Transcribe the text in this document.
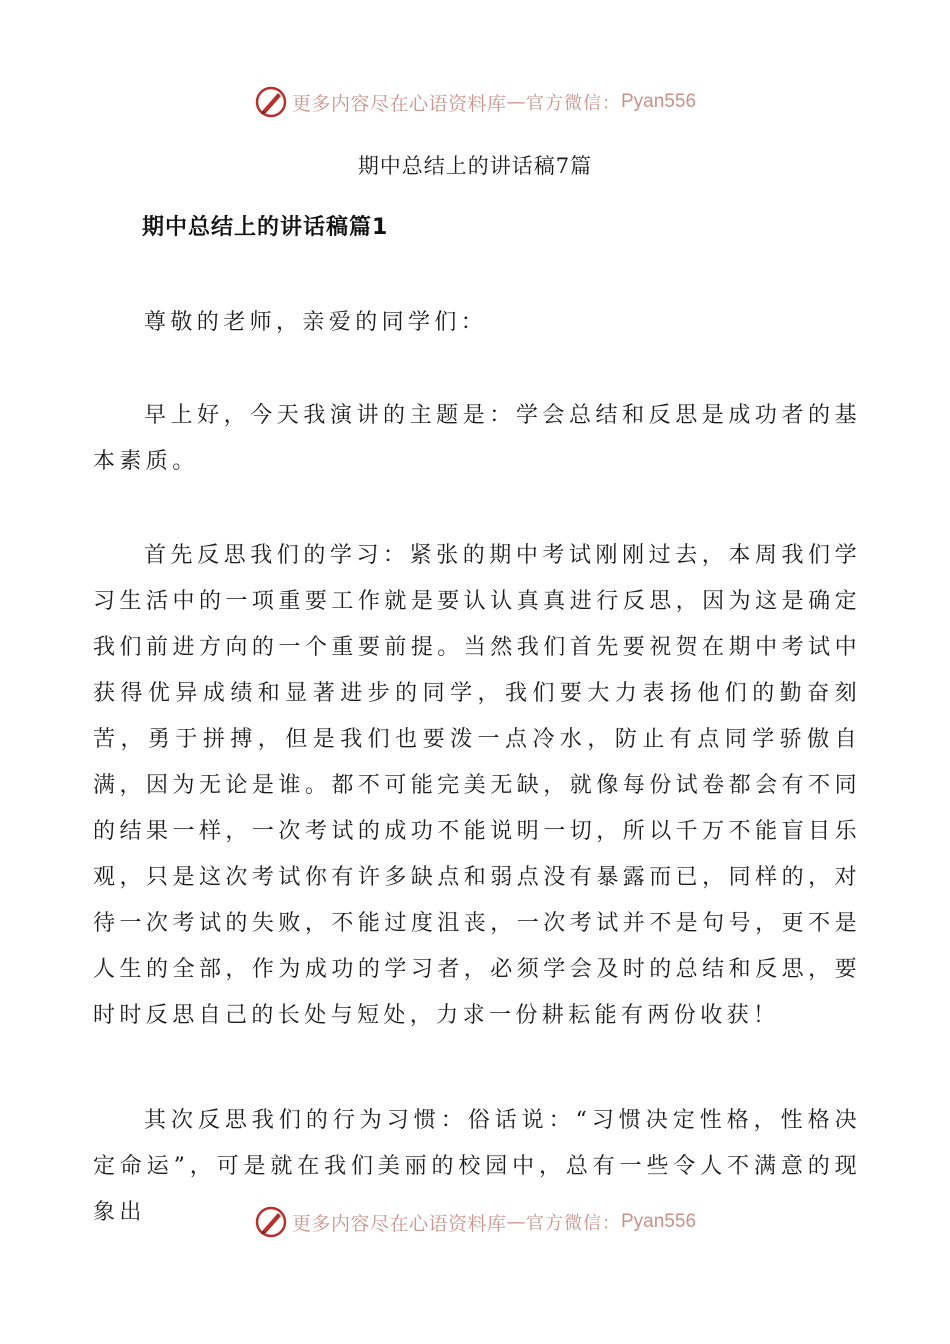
更多内容尽在心语资料库 — 官方微信： Pyan556
期中总结上的讲话稿7篇
期中总结上的讲话稿篇1

尊敬的老师，亲爱的同学们：

早上好，今天我演讲的主题是：学会总结和反思是成功者的基本素质。

首先反思我们的学习：紧张的期中考试刚刚过去，本周我们学习生活中的一项重要工作就是要认认真真进行反思，因为这是确定我们前进方向的一个重要前提。当然我们首先要祝贺在期中考试中获得优异成绩和显著进步的同学，我们要大力表扬他们的勤奋刻苦，勇于拼搏，但是我们也要泼一点冷水，防止有点同学骄傲自满，因为无论是谁。都不可能完美无缺，就像每份试卷都会有不同的结果一样，一次考试的成功不能说明一切，所以千万不能盲目乐观，只是这次考试你有许多缺点和弱点没有暴露而已，同样的，对待一次考试的失败，不能过度沮丧，一次考试并不是句号，更不是人生的全部，作为成功的学习者，必须学会及时的总结和反思，要时时反思自己的长处与短处，力求一份耕耘能有两份收获！

其次反思我们的行为习惯：俗话说：“习惯决定性格，性格决定命运”，可是就在我们美丽的校园中，总有一些令人不满意的现象出	更多内容尽在心语资料库 — 官方微信： Pyan556
